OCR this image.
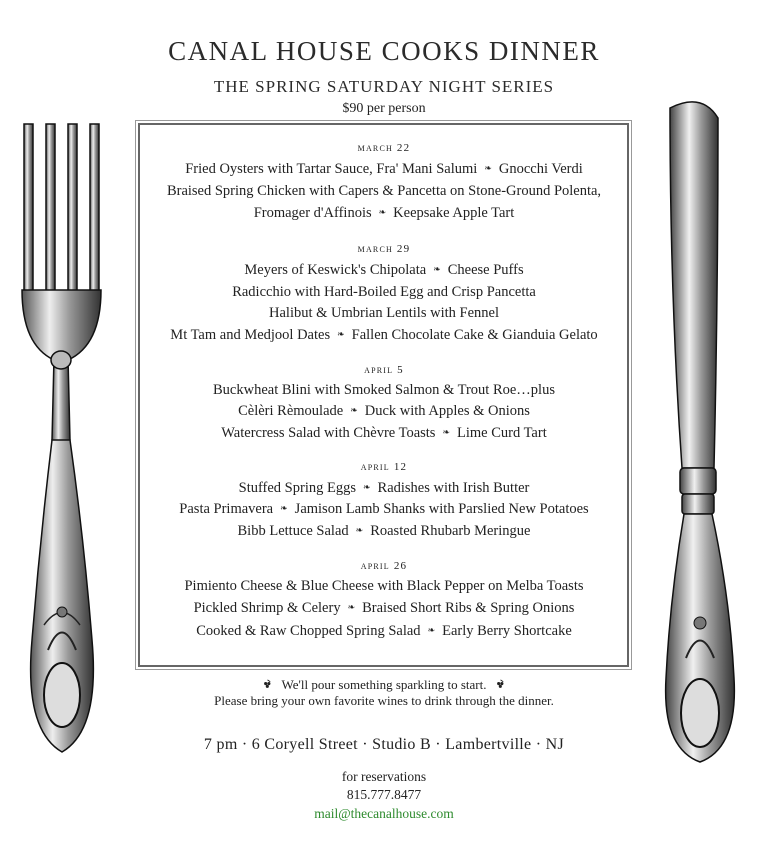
CANAL HOUSE COOKS DINNER
THE SPRING SATURDAY NIGHT SERIES
$90 per person
march 22
Fried Oysters with Tartar Sauce, Fra' Mani Salumi ❧ Gnocchi Verdi
Braised Spring Chicken with Capers & Pancetta on Stone-Ground Polenta,
Fromager d'Affinois ❧ Keepsake Apple Tart
march 29
Meyers of Keswick's Chipolata ❧ Cheese Puffs
Radicchio with Hard-Boiled Egg and Crisp Pancetta
Halibut & Umbrian Lentils with Fennel
Mt Tam and Medjool Dates ❧ Fallen Chocolate Cake & Gianduia Gelato
april 5
Buckwheat Blini with Smoked Salmon & Trout Roe…plus
Cèlèri Rèmoulade ❧ Duck with Apples & Onions
Watercress Salad with Chèvre Toasts ❧ Lime Curd Tart
april 12
Stuffed Spring Eggs ❧ Radishes with Irish Butter
Pasta Primavera ❧ Jamison Lamb Shanks with Parslied New Potatoes
Bibb Lettuce Salad ❧ Roasted Rhubarb Meringue
april 26
Pimiento Cheese & Blue Cheese with Black Pepper on Melba Toasts
Pickled Shrimp & Celery ❧ Braised Short Ribs & Spring Onions
Cooked & Raw Chopped Spring Salad ❧ Early Berry Shortcake
We'll pour something sparkling to start.
Please bring your own favorite wines to drink through the dinner.
7 pm · 6 Coryell Street · Studio B · Lambertville · NJ
for reservations
815.777.8477
mail@thecanalhouse.com
